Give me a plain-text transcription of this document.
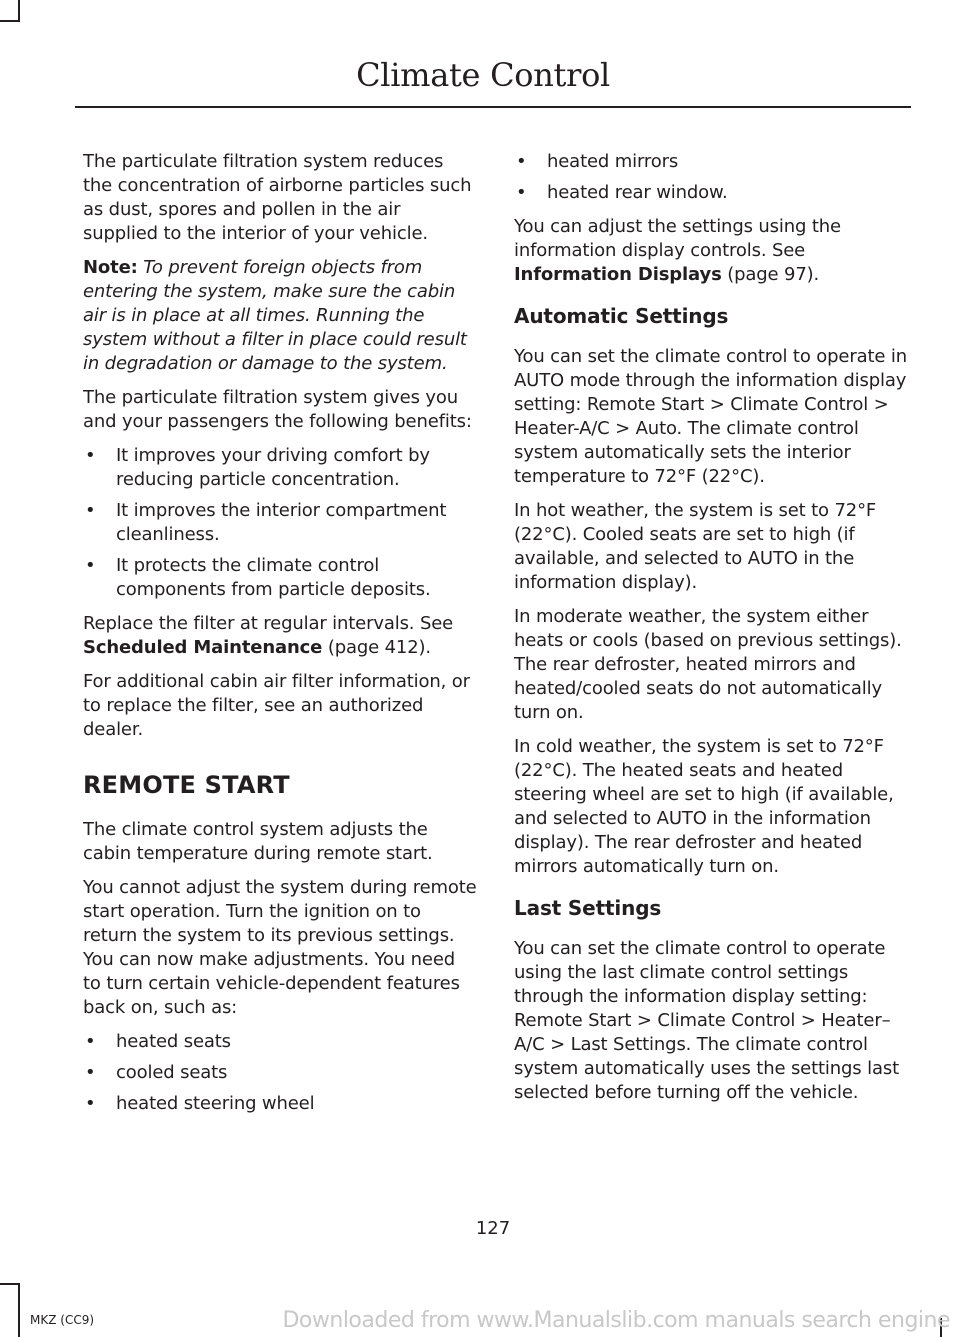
Climate Control

The particulate filtration system reduces the concentration of airborne particles such as dust, spores and pollen in the air supplied to the interior of your vehicle.

Note: To prevent foreign objects from entering the system, make sure the cabin air is in place at all times. Running the system without a filter in place could result in degradation or damage to the system.

The particulate filtration system gives you and your passengers the following benefits:

• It improves your driving comfort by reducing particle concentration.
• It improves the interior compartment cleanliness.
• It protects the climate control components from particle deposits.

Replace the filter at regular intervals. See Scheduled Maintenance (page 412).

For additional cabin air filter information, or to replace the filter, see an authorized dealer.

REMOTE START

The climate control system adjusts the cabin temperature during remote start.

You cannot adjust the system during remote start operation. Turn the ignition on to return the system to its previous settings. You can now make adjustments. You need to turn certain vehicle-dependent features back on, such as:

• heated seats
• cooled seats
• heated steering wheel
• heated mirrors
• heated rear window.

You can adjust the settings using the information display controls. See Information Displays (page 97).

Automatic Settings

You can set the climate control to operate in AUTO mode through the information display setting: Remote Start > Climate Control > Heater-A/C > Auto. The climate control system automatically sets the interior temperature to 72°F (22°C).

In hot weather, the system is set to 72°F (22°C). Cooled seats are set to high (if available, and selected to AUTO in the information display).

In moderate weather, the system either heats or cools (based on previous settings). The rear defroster, heated mirrors and heated/cooled seats do not automatically turn on.

In cold weather, the system is set to 72°F (22°C). The heated seats and heated steering wheel are set to high (if available, and selected to AUTO in the information display). The rear defroster and heated mirrors automatically turn on.

Last Settings

You can set the climate control to operate using the last climate control settings through the information display setting: Remote Start > Climate Control > Heater–A/C > Last Settings. The climate control system automatically uses the settings last selected before turning off the vehicle.

127
MKZ (CC9)	Downloaded from www.Manualslib.com manuals search engine
